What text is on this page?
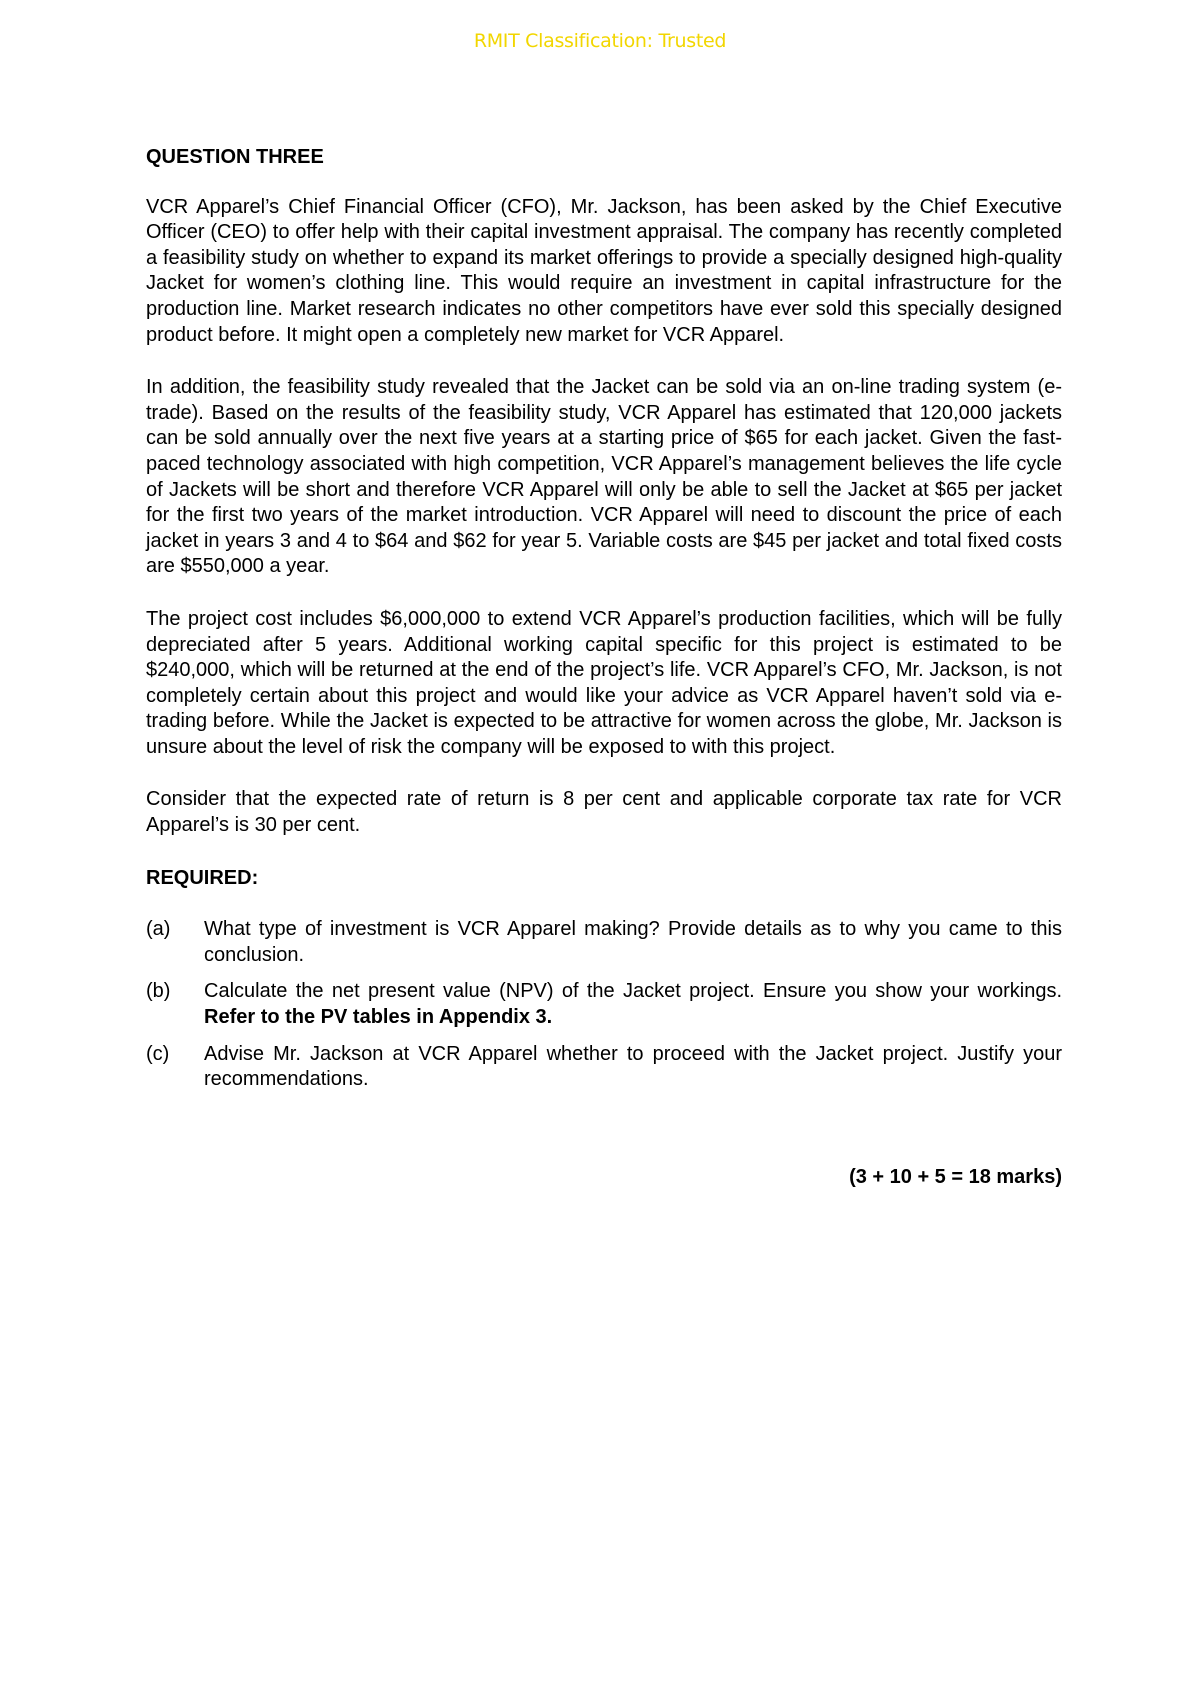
RMIT Classification: Trusted
QUESTION THREE

VCR Apparel’s Chief Financial Officer (CFO), Mr. Jackson, has been asked by the Chief Executive Officer (CEO) to offer help with their capital investment appraisal. The company has recently completed a feasibility study on whether to expand its market offerings to provide a specially designed high-quality Jacket for women’s clothing line. This would require an investment in capital infrastructure for the production line. Market research indicates no other competitors have ever sold this specially designed product before. It might open a completely new market for VCR Apparel.

In addition, the feasibility study revealed that the Jacket can be sold via an on-line trading system (e-trade). Based on the results of the feasibility study, VCR Apparel has estimated that 120,000 jackets can be sold annually over the next five years at a starting price of $65 for each jacket. Given the fast-paced technology associated with high competition, VCR Apparel’s management believes the life cycle of Jackets will be short and therefore VCR Apparel will only be able to sell the Jacket at $65 per jacket for the first two years of the market introduction. VCR Apparel will need to discount the price of each jacket in years 3 and 4 to $64 and $62 for year 5. Variable costs are $45 per jacket and total fixed costs are $550,000 a year.

The project cost includes $6,000,000 to extend VCR Apparel’s production facilities, which will be fully depreciated after 5 years. Additional working capital specific for this project is estimated to be $240,000, which will be returned at the end of the project’s life. VCR Apparel’s CFO, Mr. Jackson, is not completely certain about this project and would like your advice as VCR Apparel haven’t sold via e-trading before. While the Jacket is expected to be attractive for women across the globe, Mr. Jackson is unsure about the level of risk the company will be exposed to with this project.

Consider that the expected rate of return is 8 per cent and applicable corporate tax rate for VCR Apparel’s is 30 per cent.

REQUIRED:
(a)	What type of investment is VCR Apparel making? Provide details as to why you came to this conclusion.
(b)	Calculate the net present value (NPV) of the Jacket project. Ensure you show your workings. Refer to the PV tables in Appendix 3.
(c)	Advise Mr. Jackson at VCR Apparel whether to proceed with the Jacket project. Justify your recommendations.
(3 + 10 + 5 = 18 marks)
